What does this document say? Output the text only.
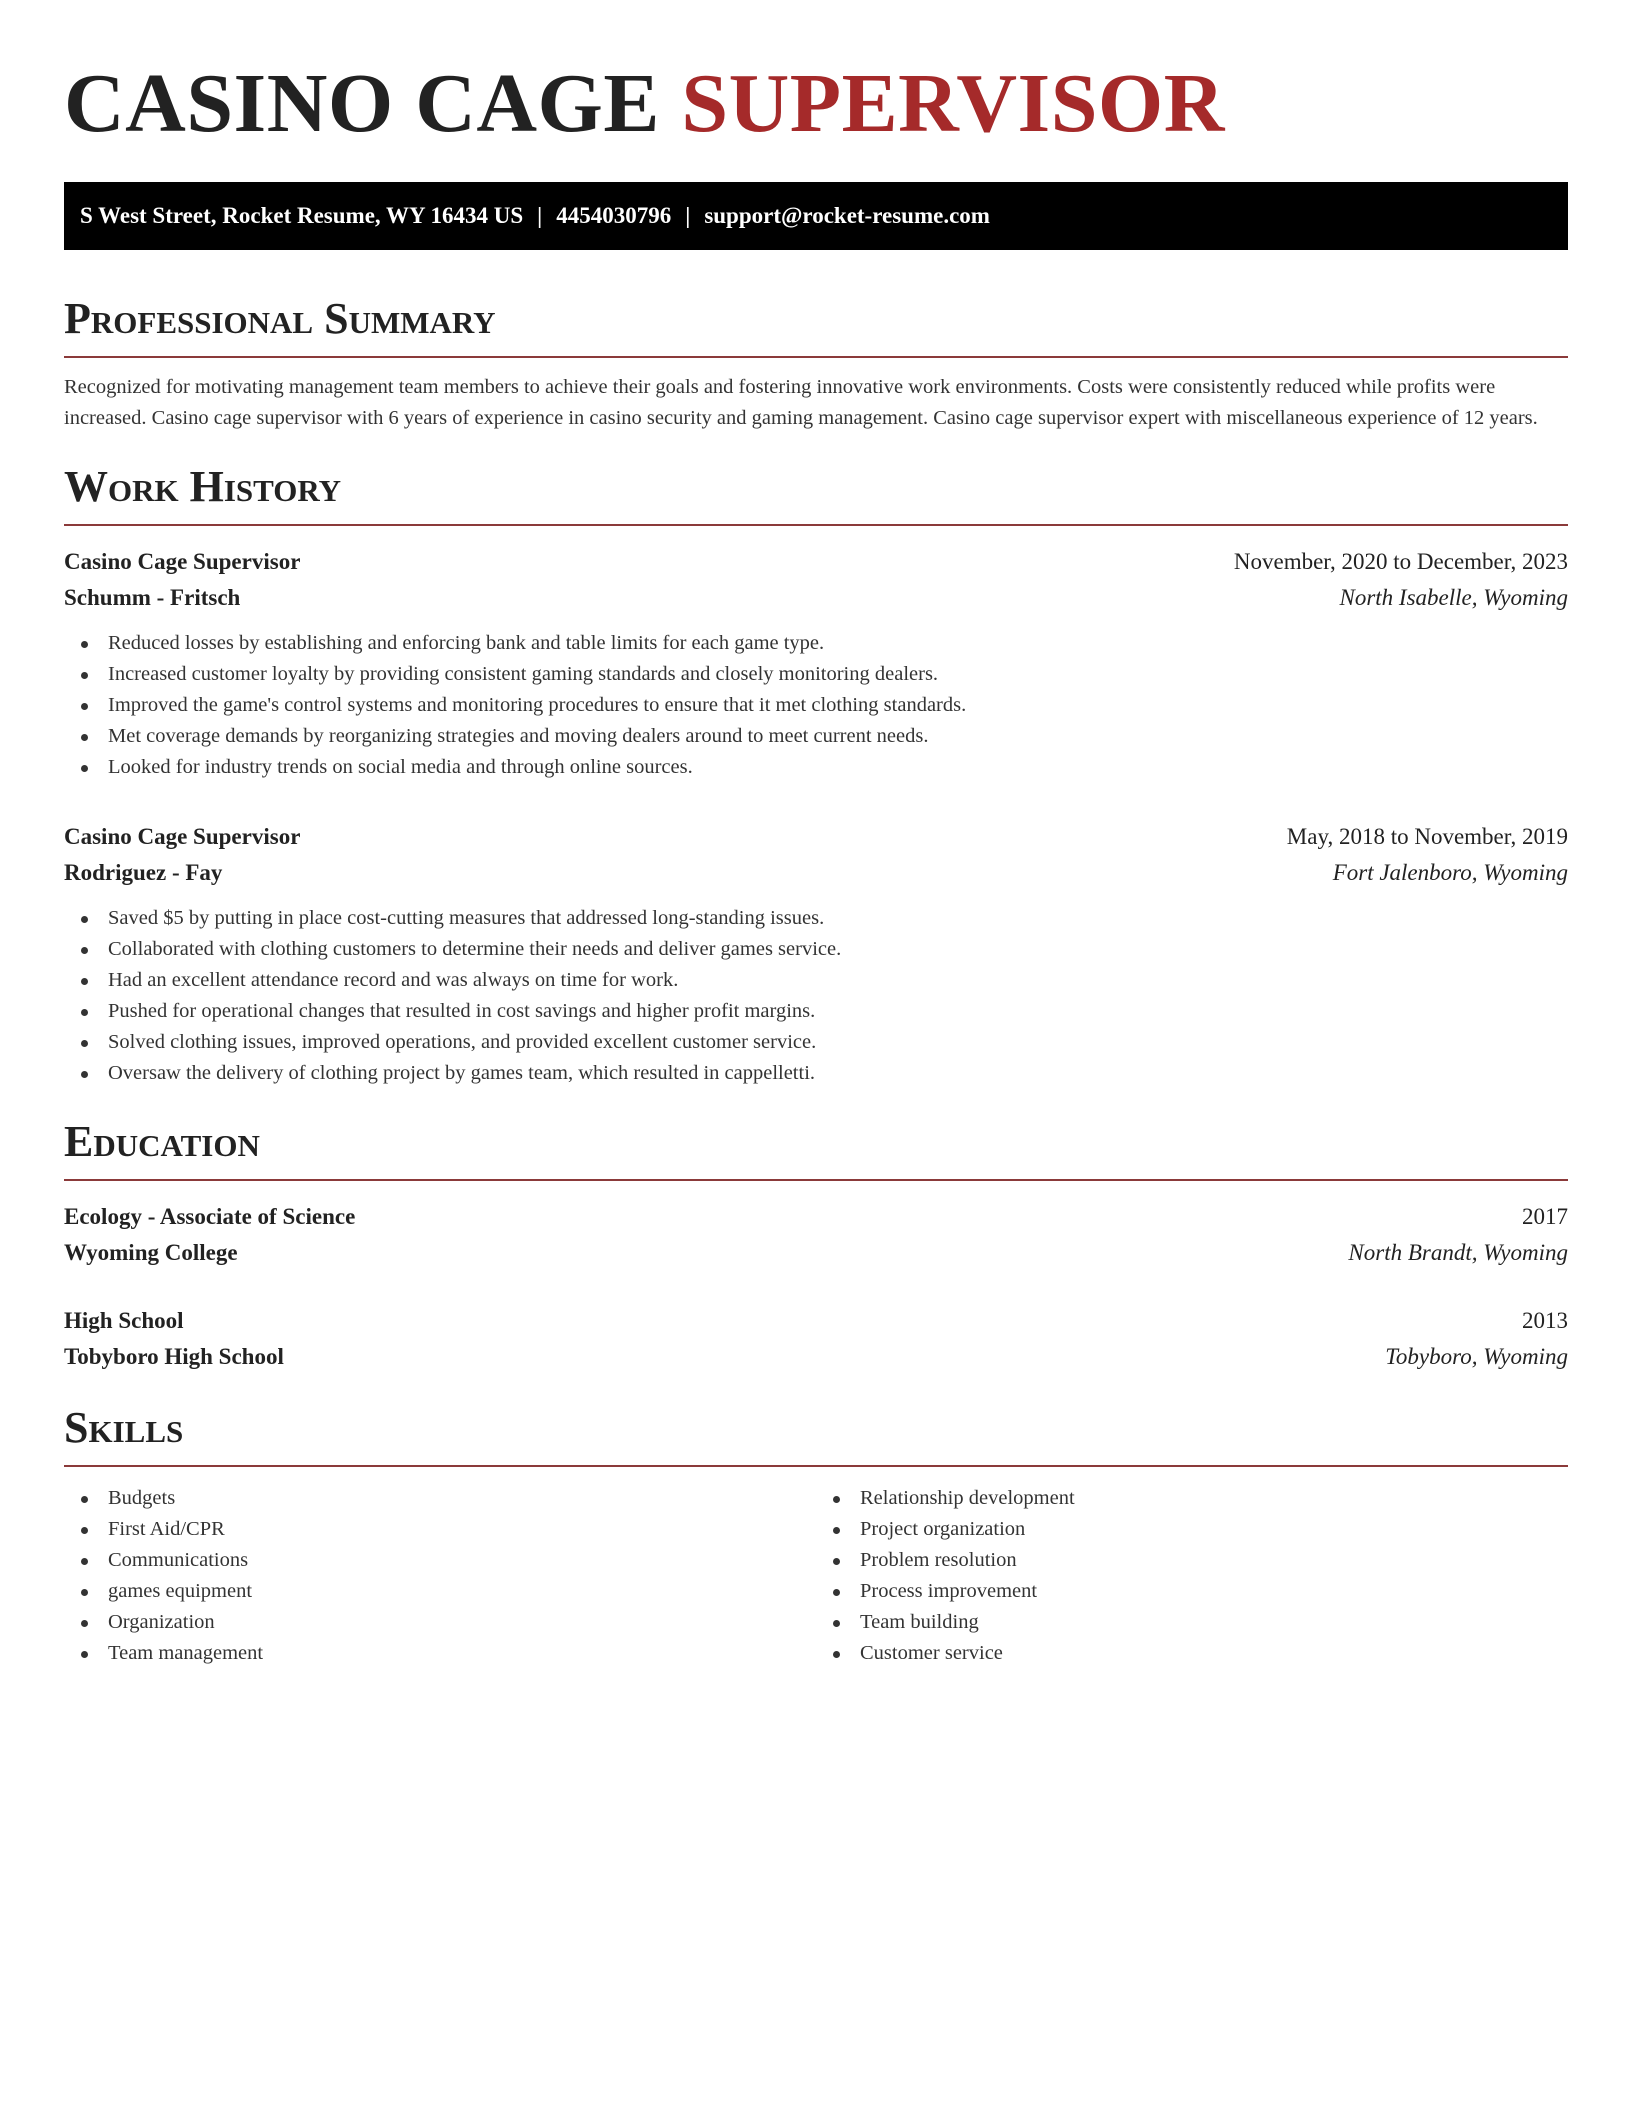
CASINO CAGE SUPERVISOR
S West Street, Rocket Resume, WY 16434 US | 4454030796 | support@rocket-resume.com
Professional Summary

Recognized for motivating management team members to achieve their goals and fostering innovative work environments. Costs were consistently reduced while profits were increased. Casino cage supervisor with 6 years of experience in casino security and gaming management. Casino cage supervisor expert with miscellaneous experience of 12 years.

Work History
Casino Cage Supervisor	November, 2020 to December, 2023
Schumm - Fritsch	North Isabelle, Wyoming
Reduced losses by establishing and enforcing bank and table limits for each game type.
Increased customer loyalty by providing consistent gaming standards and closely monitoring dealers.
Improved the game's control systems and monitoring procedures to ensure that it met clothing standards.
Met coverage demands by reorganizing strategies and moving dealers around to meet current needs.
Looked for industry trends on social media and through online sources.
Casino Cage Supervisor	May, 2018 to November, 2019
Rodriguez - Fay	Fort Jalenboro, Wyoming
Saved $5 by putting in place cost-cutting measures that addressed long-standing issues.
Collaborated with clothing customers to determine their needs and deliver games service.
Had an excellent attendance record and was always on time for work.
Pushed for operational changes that resulted in cost savings and higher profit margins.
Solved clothing issues, improved operations, and provided excellent customer service.
Oversaw the delivery of clothing project by games team, which resulted in cappelletti.
Education
Ecology - Associate of Science	2017
Wyoming College	North Brandt, Wyoming
High School	2013
Tobyboro High School	Tobyboro, Wyoming
Skills
Budgets
First Aid/CPR
Communications
games equipment
Organization
Team management
Relationship development
Project organization
Problem resolution
Process improvement
Team building
Customer service
